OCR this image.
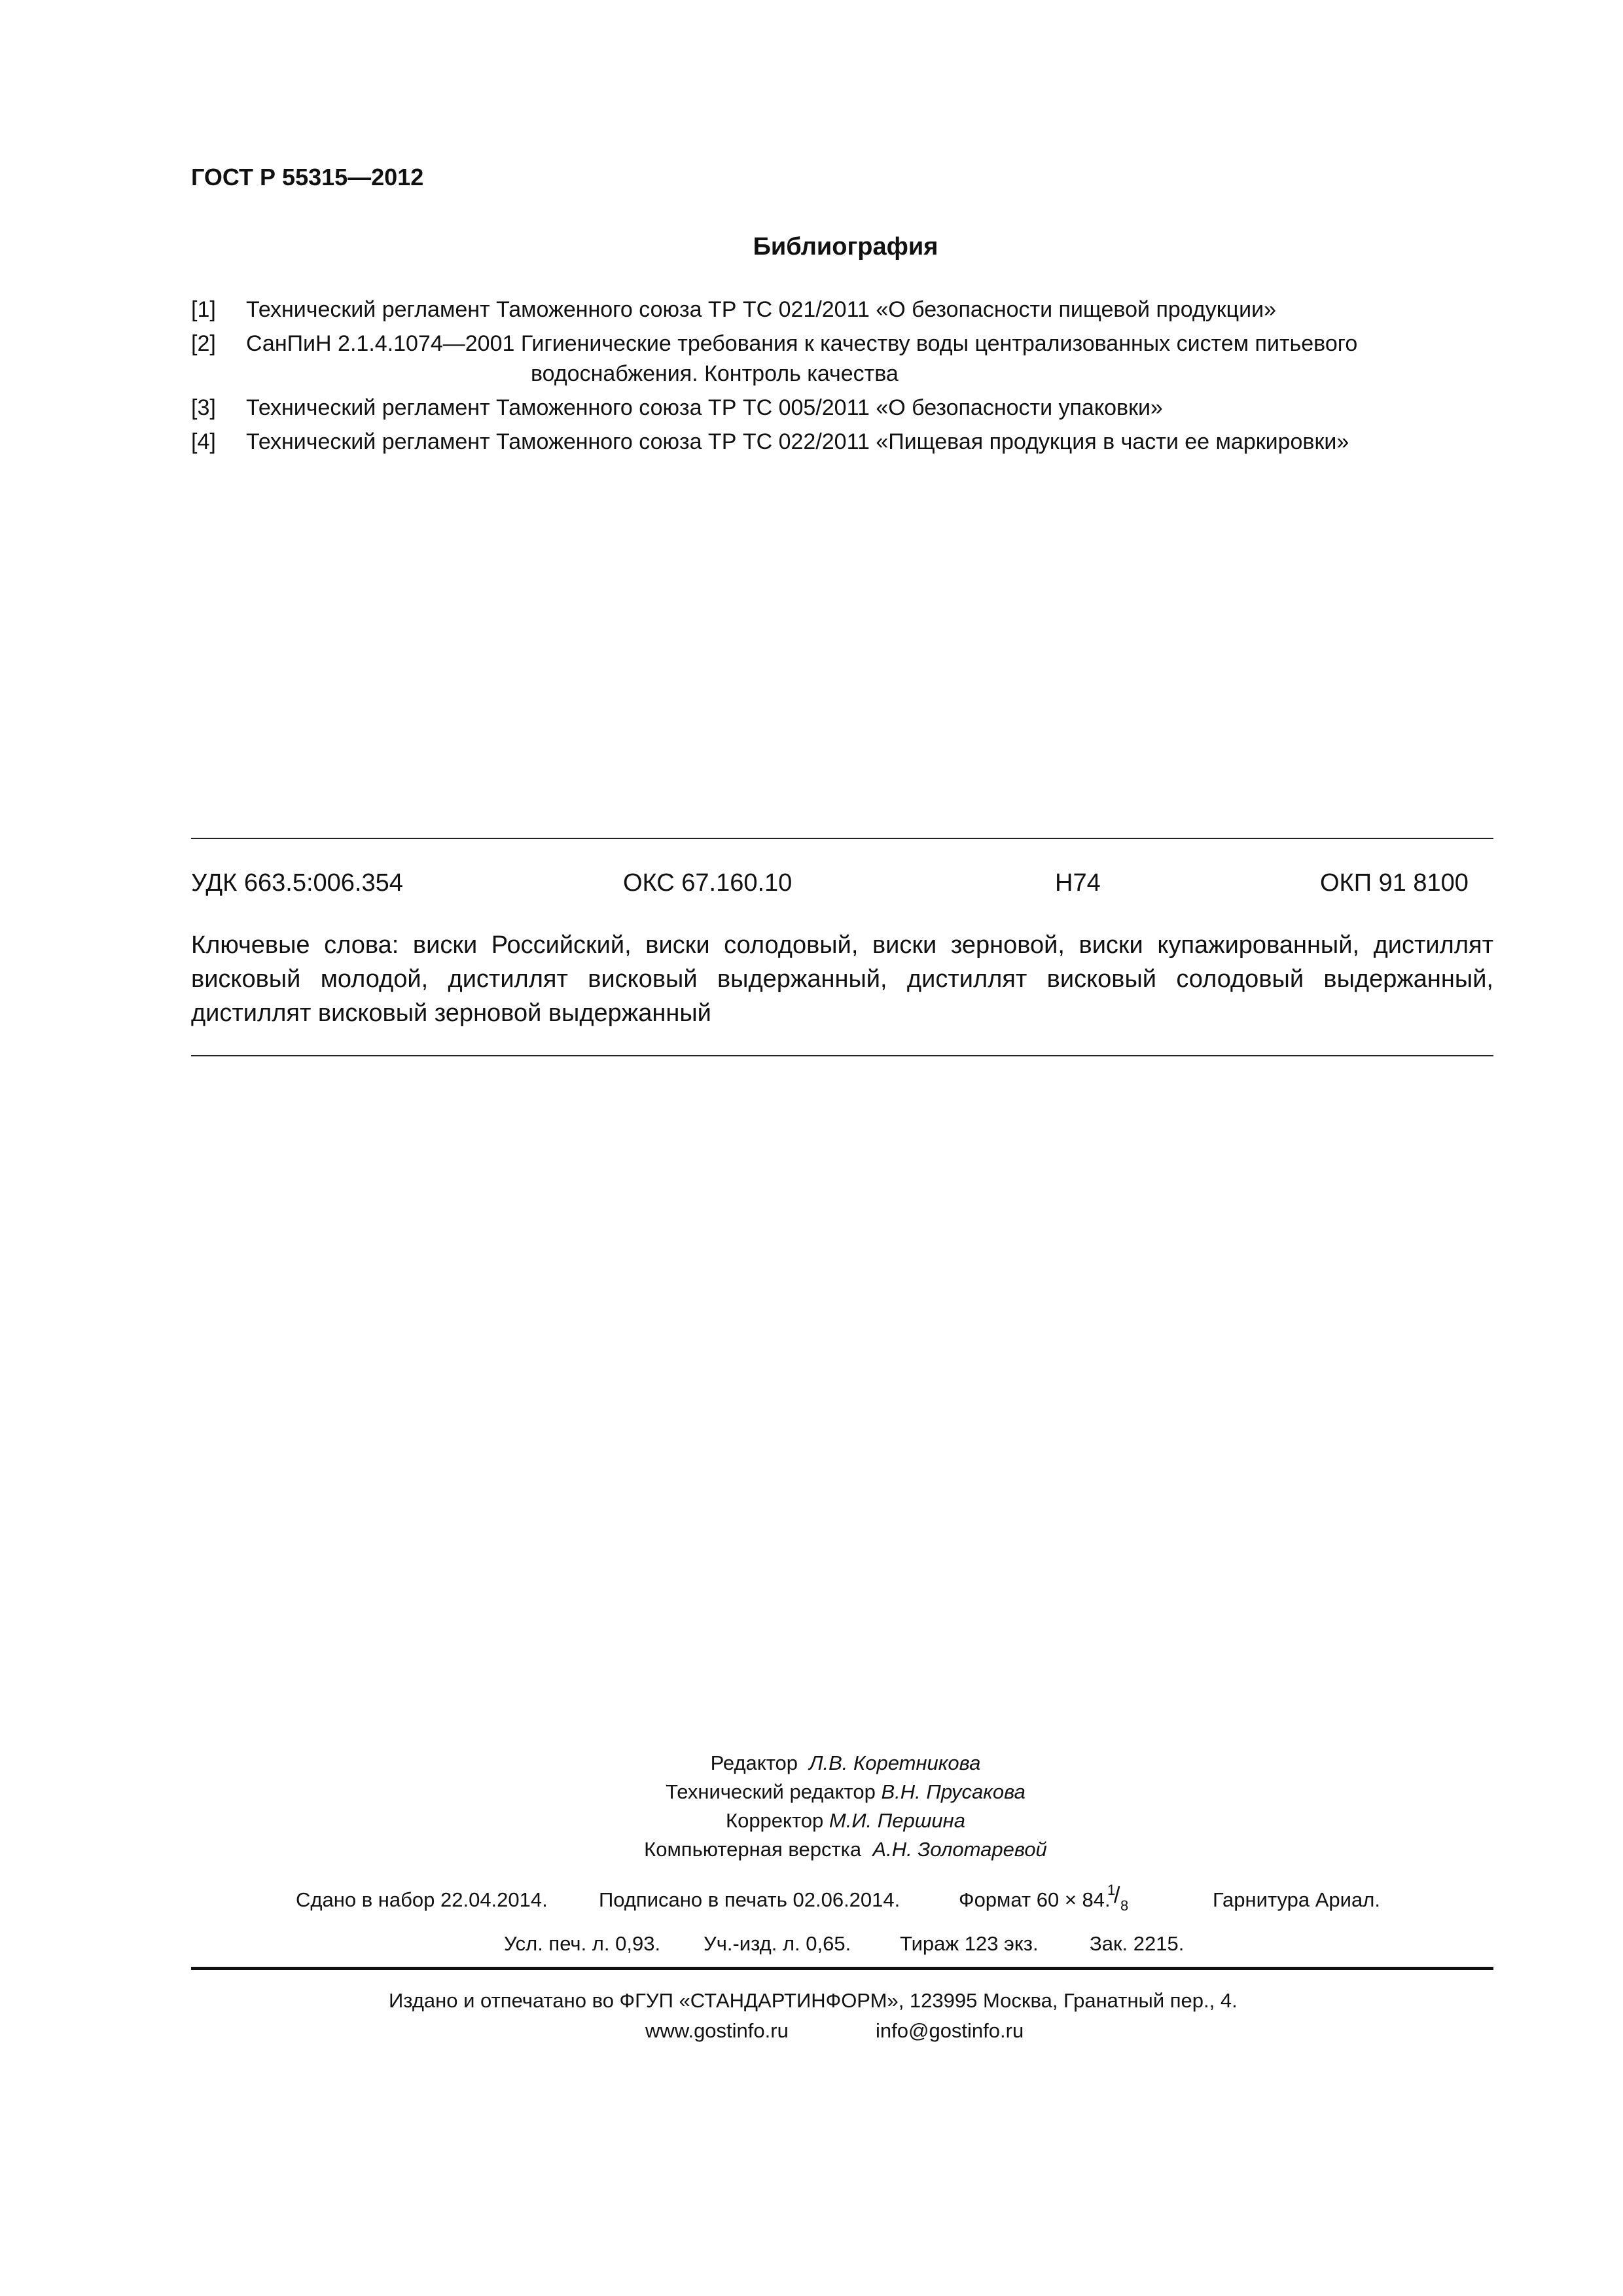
ГОСТ Р 55315—2012
Библиография
[1]	Технический регламент Таможенного союза ТР ТС 021/2011 «О безопасности пищевой продукции»
[2]	СанПиН 2.1.4.1074—2001 Гигиенические требования к качеству воды централизованных систем питьевого водоснабжения. Контроль качества
[3]	Технический регламент Таможенного союза ТР ТС 005/2011 «О безопасности упаковки»
[4]	Технический регламент Таможенного союза ТР ТС 022/2011 «Пищевая продукция в части ее маркировки»
УДК 663.5:006.354	ОКС 67.160.10	Н74	ОКП 91 8100
Ключевые слова: виски Российский, виски солодовый, виски зерновой, виски купажированный, дистиллят висковый молодой, дистиллят висковый выдержанный, дистиллят висковый солодовый выдержанный, дистиллят висковый зерновой выдержанный
Редактор Л.В. Коретникова
Технический редактор В.Н. Прусакова
Корректор М.И. Першина
Компьютерная верстка А.Н. Золотаревой
Сдано в набор 22.04.2014.	Подписано в печать 02.06.2014.	Формат 60 × 84 1
/ 8
.	Гарнитура Ариал.
Усл. печ. л. 0,93. Уч.-изд. л. 0,65. Тираж 123 экз.	Зак. 2215.
Издано и отпечатано во ФГУП «СТАНДАРТИНФОРМ», 123995 Москва, Гранатный пер., 4.
www.gostinfo.ru	info@gostinfo.ru
